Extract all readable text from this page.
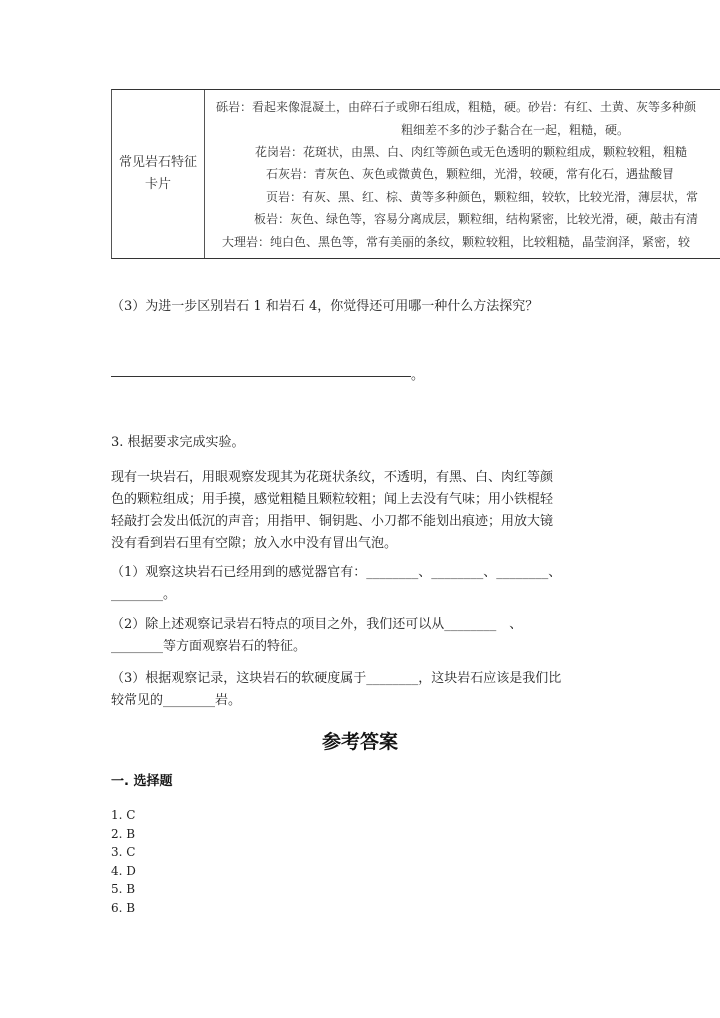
常见岩石特征
卡片
砾岩：看起来像混凝土，由碎石子或卵石组成，粗糙，硬。砂岩：有红、土黄、灰等多种颜
粗细差不多的沙子黏合在一起，粗糙，硬。
花岗岩：花斑状，由黑、白、肉红等颜色或无色透明的颗粒组成，颗粒较粗，粗糙
石灰岩：青灰色、灰色或微黄色，颗粒细，光滑，较硬，常有化石，遇盐酸冒
页岩：有灰、黑、红、棕、黄等多种颜色，颗粒细，较软，比较光滑，薄层状，常
板岩：灰色、绿色等，容易分离成层，颗粒细，结构紧密，比较光滑，硬，敲击有清
大理岩：纯白色、黑色等，常有美丽的条纹，颗粒较粗，比较粗糙，晶莹润泽，紧密，较
（3）为进一步区别岩石 1 和岩石 4，你觉得还可用哪一种什么方法探究？
。
3. 根据要求完成实验。
现有一块岩石，用眼观察发现其为花斑状条纹，不透明，有黑、白、肉红等颜
色的颗粒组成；用手摸，感觉粗糙且颗粒较粗；闻上去没有气味；用小铁棍轻
轻敲打会发出低沉的声音；用指甲、铜钥匙、小刀都不能划出痕迹；用放大镜
没有看到岩石里有空隙；放入水中没有冒出气泡。
（1）观察这块岩石已经用到的感觉器官有：________、________、________、
________。
（2）除上述观察记录岩石特点的项目之外，我们还可以从________　、
________等方面观察岩石的特征。
（3）根据观察记录，这块岩石的软硬度属于________，这块岩石应该是我们比
较常见的________岩。
参考答案
一. 选择题
1. C
2. B
3. C
4. D
5. B
6. B
